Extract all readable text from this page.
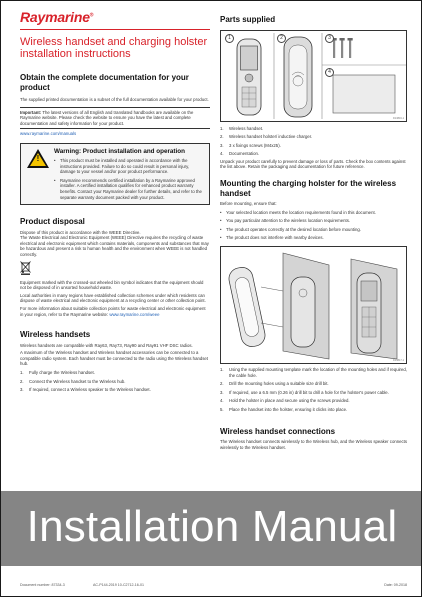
Raymarine®
Wireless handset and charging holster installation instructions
Obtain the complete documentation for your product
The supplied printed documentation is a subset of the full documentation available for your product.
Important: The latest versions of all English and translated handbooks are available on the Raymarine website. Please check the website to ensure you have the latest and complete documentation and safety information for your product.
www.raymarine.com/manuals
!
Warning: Product installation and operation
• This product must be installed and operated in accordance with the instructions provided. Failure to do so could result in personal injury, damage to your vessel and/or poor product performance.
• Raymarine recommends certified installation by a Raymarine approved installer. A certified installation qualifies for enhanced product warranty benefits. Contact your Raymarine dealer for further details, and refer to the separate warranty document packed with your product.
Product disposal
Dispose of this product in accordance with the WEEE Directive.
The Waste Electrical and Electronic Equipment (WEEE) Directive requires the recycling of waste electrical and electronic equipment which contains materials, components and substances that may be hazardous and present a risk to human health and the environment when WEEE is not handled correctly.
Equipment marked with the crossed-out wheeled bin symbol indicates that the equipment should not be disposed of in unsorted household waste.
Local authorities in many regions have established collection schemes under which residents can dispose of waste electrical and electronic equipment at a recycling center or other collection point.
For more information about suitable collection points for waste electrical and electronic equipment in your region, refer to the Raymarine website: www.raymarine.com/weee
Wireless handsets
Wireless handsets are compatible with Ray63, Ray73, Ray90 and Ray91 VHF DSC radios.
A maximum of the Wireless handset and Wireless handset accessories can be connected to a compatible radio system. Each handset must be connected to the radio using the Wireless handset hub.
1. Fully charge the Wireless handset.
2. Connect the Wireless handset to the Wireless hub.
3. If required, connect a Wireless speaker to the Wireless handset.
Parts supplied
1	2	3
4
D13816-1
1. Wireless handset.
2. Wireless handset holster/ inductive charger.
3. 3 x fixings screws (M4x25).
4. Documentation.
Unpack your product carefully to prevent damage or loss of parts. Check the box contents against the list above. Retain the packaging and documentation for future reference.
Mounting the charging holster for the wireless handset
Before mounting, ensure that:
• Your selected location meets the location requirements found in this document.
• You pay particular attention to the wireless location requirements.
• The product operates correctly at the desired location before mounting.
• The product does not interfere with nearby devices.
D13817-1
1. Using the supplied mounting template mark the location of the mounting holes and if required, the cable hole.
2. Drill the mounting holes using a suitable size drill bit.
3. If required, use a 6.5 mm (0.26 in) drill bit to drill a hole for the holster's power cable.
4. Hold the holster in place and secure using the screws provided.
5. Place the handset into the holster, ensuring it clicks into place.
Wireless handset connections
The Wireless handset connects wirelessly to the Wireless hub, and the Wireless speaker connects wirelessly to the Wireless handset.
Document number: 87334-3	AC-P144-2019 10-C2712-16-01	Date: 09-2018
Installation Manual
